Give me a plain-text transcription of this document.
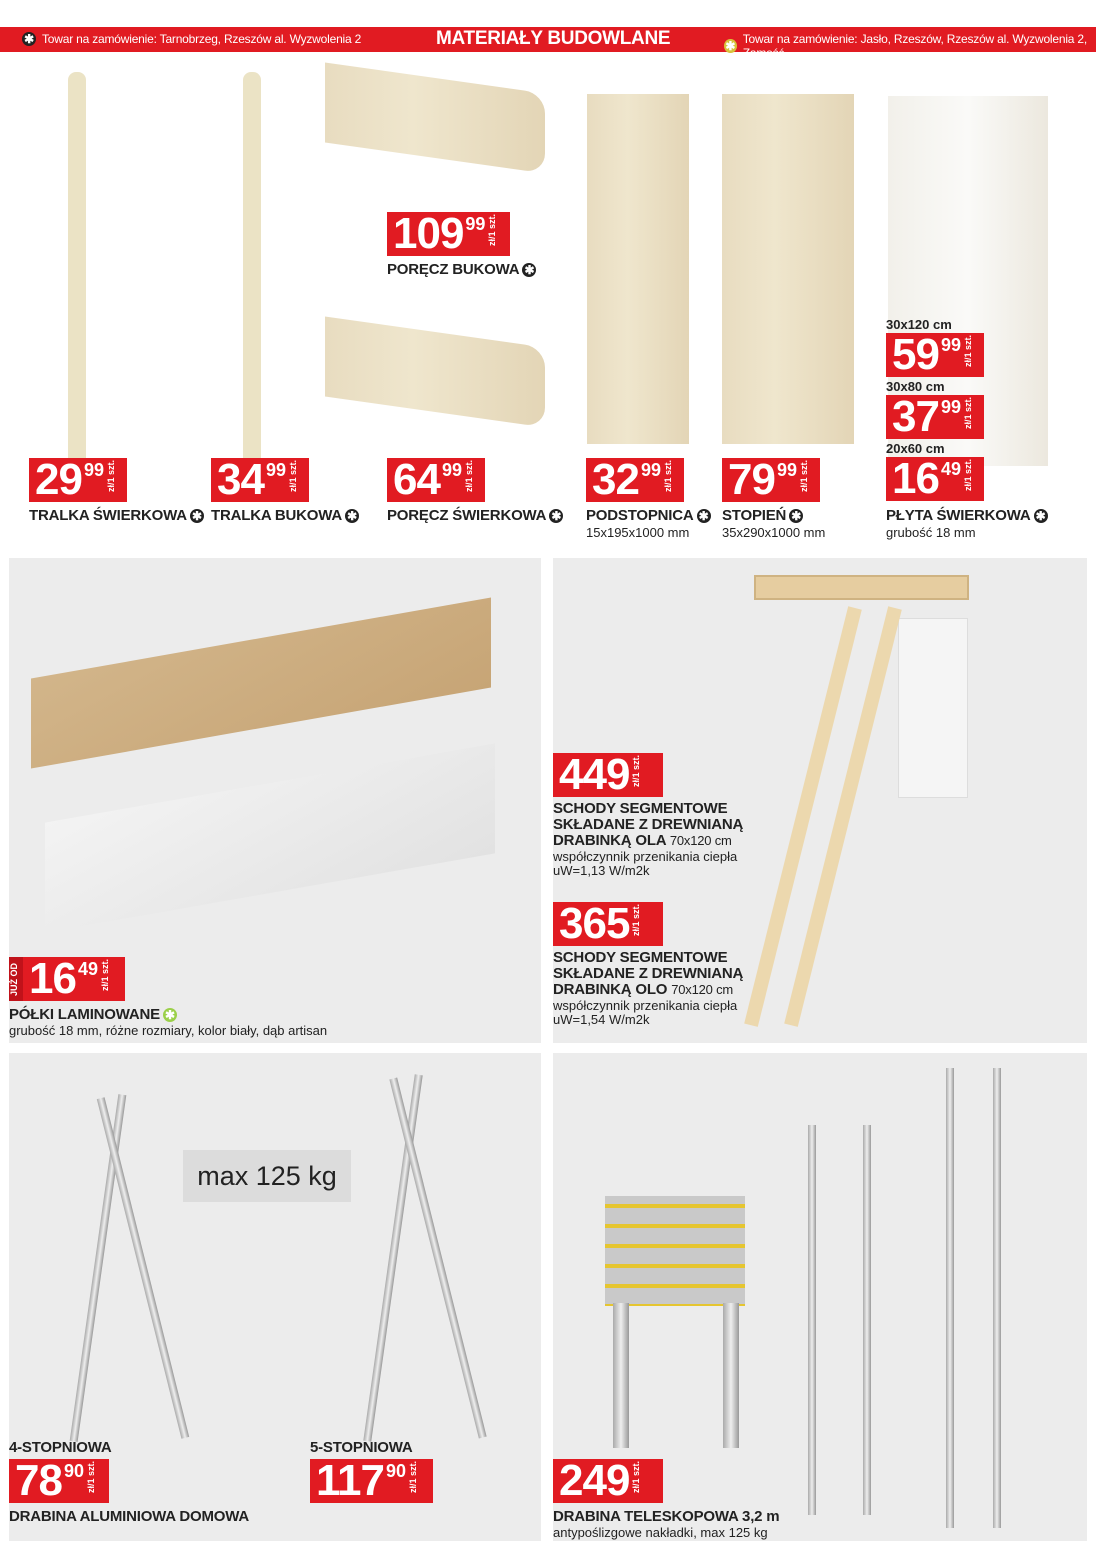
✱ Towar na zamówienie: Tarnobrzeg, Rzeszów al. Wyzwolenia 2	MATERIAŁY BUDOWLANE	✱ Towar na zamówienie: Jasło, Rzeszów, Rzeszów al. Wyzwolenia 2, Zamość
29 99 zł/1 szt.
TRALKA ŚWIERKOWA ✱
34 99 zł/1 szt.
TRALKA BUKOWA ✱
109 99 zł/1 szt.
PORĘCZ BUKOWA ✱
64 99 zł/1 szt.
PORĘCZ ŚWIERKOWA ✱
32 99 zł/1 szt.
PODSTOPNICA ✱
15x195x1000 mm
79 99 zł/1 szt.
STOPIEŃ ✱
35x290x1000 mm
30x120 cm
59 99 zł/1 szt.
30x80 cm
37 99 zł/1 szt.
20x60 cm
16 49 zł/1 szt.
PŁYTA ŚWIERKOWA ✱
grubość 18 mm
JUŻ OD 16 49 zł/1 szt.
PÓŁKI LAMINOWANE ✱
grubość 18 mm, różne rozmiary, kolor biały, dąb artisan
449 zł/1 szt.
SCHODY SEGMENTOWE
SKŁADANE Z DREWNIANĄ
DRABINKĄ OLA 70x120 cm
współczynnik przenikania ciepła
uW=1,13 W/m2k
365 zł/1 szt.
SCHODY SEGMENTOWE
SKŁADANE Z DREWNIANĄ
DRABINKĄ OLO 70x120 cm
współczynnik przenikania ciepła
uW=1,54 W/m2k
max 125 kg
4-STOPNIOWA
78 90 zł/1 szt.
DRABINA ALUMINIOWA DOMOWA
5-STOPNIOWA
117 90 zł/1 szt.	249 zł/1 szt.
DRABINA TELESKOPOWA 3,2 m
antypoślizgowe nakładki, max 125 kg
